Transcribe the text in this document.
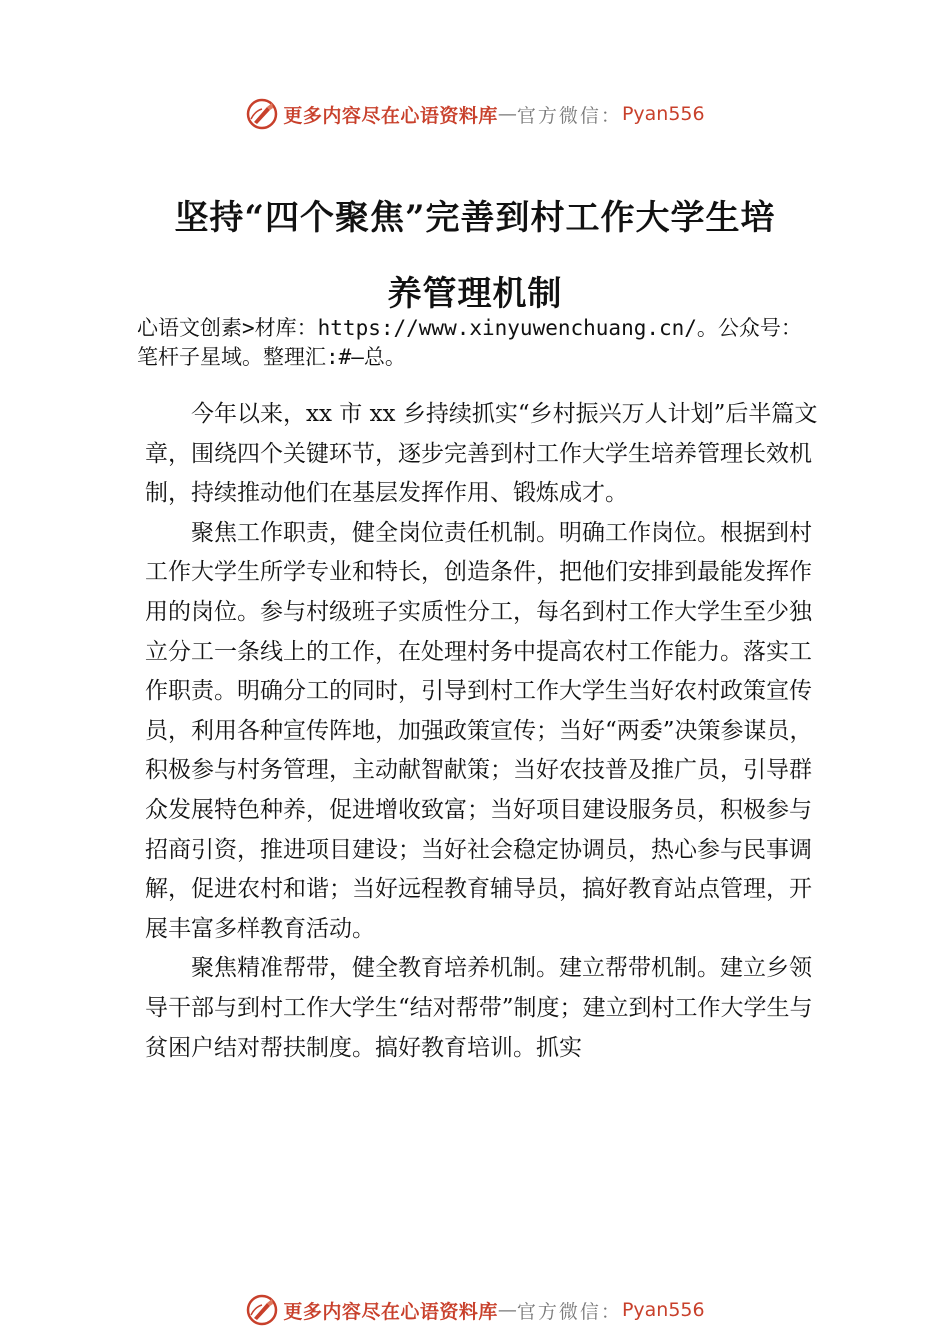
更多内容尽在心语资料库 — 官方微信： Pyan556
坚持“四个聚焦”完善到村工作大学生培
养管理机制
心语文创素>材库：https://www.xinyuwenchuang.cn/。公众号：
笔杆子星域。整理汇:#—总。

今年以来，xx 市 xx 乡持续抓实“乡村振兴万人计划”后半篇文章，围绕四个关键环节，逐步完善到村工作大学生培养管理长效机制，持续推动他们在基层发挥作用、锻炼成才。

聚焦工作职责，健全岗位责任机制。明确工作岗位。根据到村工作大学生所学专业和特长，创造条件，把他们安排到最能发挥作用的岗位。参与村级班子实质性分工，每名到村工作大学生至少独立分工一条线上的工作，在处理村务中提高农村工作能力。落实工作职责。明确分工的同时，引导到村工作大学生当好农村政策宣传员，利用各种宣传阵地，加强政策宣传；当好“两委”决策参谋员，积极参与村务管理，主动献智献策；当好农技普及推广员，引导群众发展特色种养，促进增收致富；当好项目建设服务员，积极参与招商引资，推进项目建设；当好社会稳定协调员，热心参与民事调解，促进农村和谐；当好远程教育辅导员，搞好教育站点管理，开展丰富多样教育活动。

聚焦精准帮带，健全教育培养机制。建立帮带机制。建立乡领导干部与到村工作大学生“结对帮带”制度；建立到村工作大学生与贫困户结对帮扶制度。搞好教育培训。抓实

更多内容尽在心语资料库 — 官方微信： Pyan556
